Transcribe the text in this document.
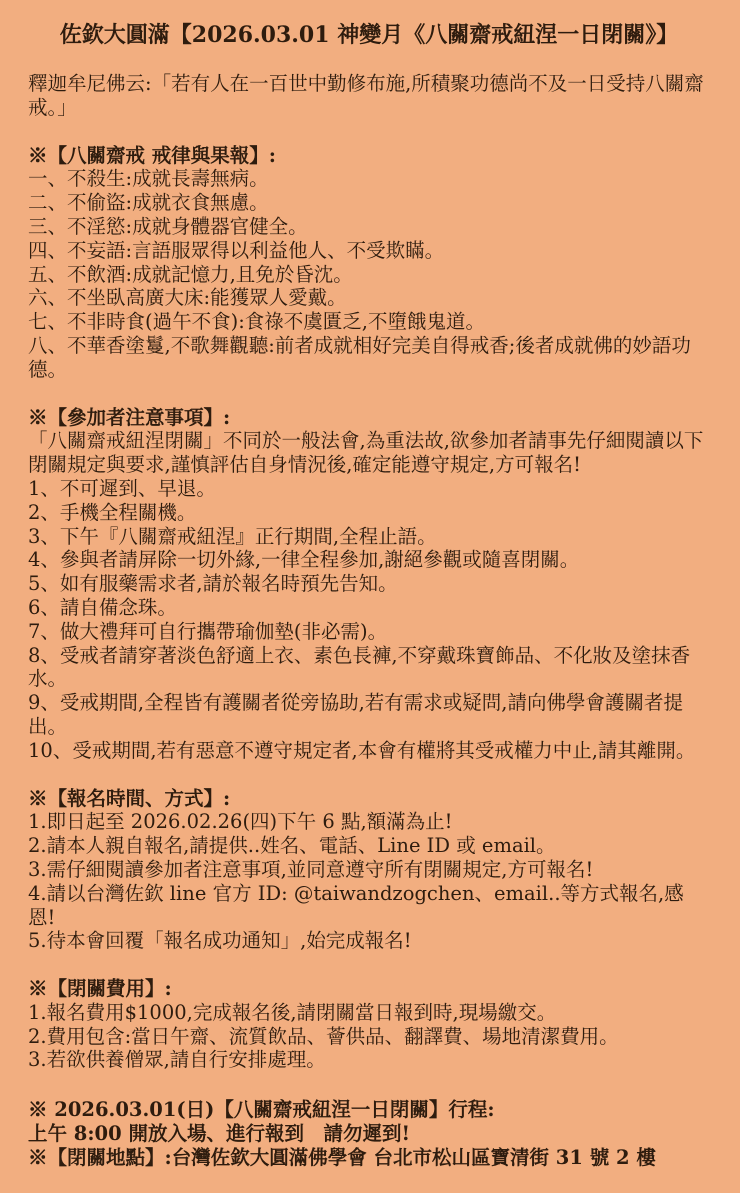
佐欽大圓滿【2026.03.01 神變月《八關齋戒紐涅一日閉關》】
釋迦牟尼佛云:「若有人在一百世中勤修布施,所積聚功德尚不及一日受持八關齋戒。」
※【八關齋戒 戒律與果報】:
一、不殺生:成就長壽無病。
二、不偷盜:成就衣食無慮。
三、不淫慾:成就身體器官健全。
四、不妄語:言語服眾得以利益他人、不受欺瞞。
五、不飲酒:成就記憶力,且免於昏沈。
六、不坐臥高廣大床:能獲眾人愛戴。
七、不非時食(過午不食):食祿不虞匱乏,不墮餓鬼道。
八、不華香塗鬘,不歌舞觀聽:前者成就相好完美自得戒香;後者成就佛的妙語功德。
※【參加者注意事項】:
「八關齋戒紐涅閉關」不同於一般法會,為重法故,欲參加者請事先仔細閱讀以下閉關規定與要求,謹慎評估自身情況後,確定能遵守規定,方可報名!
1、不可遲到、早退。
2、手機全程關機。
3、下午『八關齋戒紐涅』正行期間,全程止語。
4、參與者請屏除一切外緣,一律全程參加,謝絕參觀或隨喜閉關。
5、如有服藥需求者,請於報名時預先告知。
6、請自備念珠。
7、做大禮拜可自行攜帶瑜伽墊(非必需)。
8、受戒者請穿著淡色舒適上衣、素色長褲,不穿戴珠寶飾品、不化妝及塗抹香水。
9、受戒期間,全程皆有護關者從旁協助,若有需求或疑問,請向佛學會護關者提出。
10、受戒期間,若有惡意不遵守規定者,本會有權將其受戒權力中止,請其離開。
※【報名時間、方式】:
1.即日起至 2026.02.26(四)下午 6 點,額滿為止!
2.請本人親自報名,請提供..姓名、電話、Line ID 或 email。
3.需仔細閱讀參加者注意事項,並同意遵守所有閉關規定,方可報名!
4.請以台灣佐欽 line 官方 ID: @taiwandzogchen、email..等方式報名,感恩!
5.待本會回覆「報名成功通知」,始完成報名!
※【閉關費用】:
1.報名費用$1000,完成報名後,請閉關當日報到時,現場繳交。
2.費用包含:當日午齋、流質飲品、薈供品、翻譯費、場地清潔費用。
3.若欲供養僧眾,請自行安排處理。
※ 2026.03.01(日)【八關齋戒紐涅一日閉關】行程:
上午 8:00 開放入場、進行報到　請勿遲到!
※【閉關地點】:台灣佐欽大圓滿佛學會 台北市松山區寶清街 31 號 2 樓
